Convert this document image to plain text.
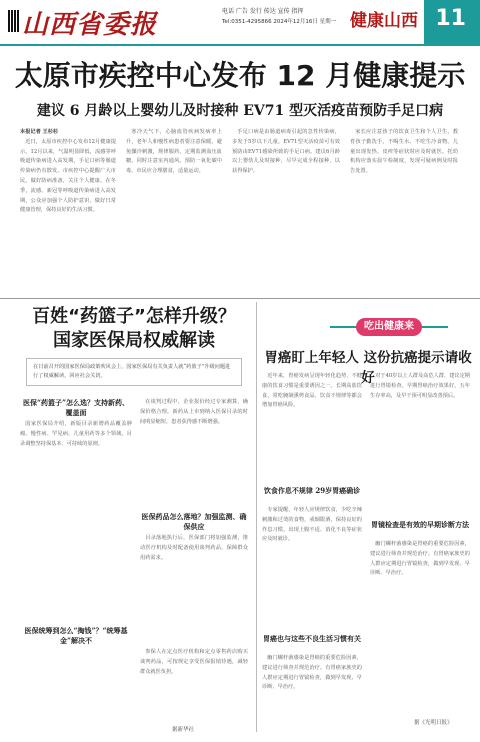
山西省委报	电话 广告 发行 传达 宣传 指挥
Tel:0351-4295866 2024年12月16日 星期一 健康山西 11
太原市疾控中心发布 12 月健康提示
建议 6 月龄以上婴幼儿及时接种 EV71 型灭活疫苗预防手足口病

本报记者 王杉杉

近日，太原市疾控中心发布12月健康提示。12月以来，气温明显降低，流感等呼吸道传染病进入高发期，手足口病等肠道传染病仍有散发。市疾控中心提醒广大市民，做好防病准备，关注个人健康。在冬季，流感、新冠等呼吸道传染病进入高发期，公众应加强个人防护意识，做好日常健康管理，保持良好的生活习惯。

寒冷天气下，心脑血管疾病发病率上升，老年人和慢性病患者要注意保暖，避免骤冷刺激，规律服药，定期监测血压血糖。同时注意室内通风，预防一氧化碳中毒。市民应合理膳食，适量运动。

手足口病是由肠道病毒引起的急性传染病，多发于5岁以下儿童。EV71型灭活疫苗可有效预防由EV71感染所致的手足口病。建议6月龄以上婴幼儿及时接种，尽早完成全程接种，以获得保护。

家长应注意孩子的饮食卫生和个人卫生，教育孩子勤洗手，不喝生水、不吃生冷食物。儿童出现发热、皮疹等症状时应及时就医。托幼机构应落实晨午检制度，发现可疑病例及时报告处置。

百姓“药篮子”怎样升级？
国家医保局权威解读
在日前召开的国家医保局政策吹风会上，国家医保局有关负责人就“药篮子”升级问题进行了权威解读，回应社会关切。
医保“药篮子”怎么选？支持新药、覆盖面

国家医保局介绍，新版目录新增药品覆盖肿瘤、慢性病、罕见病、儿童用药等多个领域，目录调整坚持保基本、可持续的原则。

在谈判过程中，企业报价经过专家测算，确保价格合理。新药从上市到纳入医保目录的时间明显缩短，患者获得感不断增强。

医保药品怎么落地？加强监测、确保供应

目录落地执行后，医保部门将加强监测，推动医疗机构及时配备使用谈判药品，保障群众用药需求。

医保统筹到怎么“掏钱”？“统筹基金”解决不

参保人在定点医疗机构和定点零售药店购买谈判药品，可按规定享受医保报销待遇，减轻群众就医负担。

据新华社
吃出健康来
胃癌盯上年轻人 这份抗癌提示请收好

近年来，胃癌发病呈现年轻化趋势，不健康的饮食习惯是重要诱因之一。长期高盐饮食、常吃腌制熏烤食品、饮食不规律等都会增加胃癌风险。

饮食作息不规律 29岁胃癌确诊

专家提醒，年轻人应规律饮食，少吃辛辣刺激和过烫的食物，戒烟限酒，保持良好的作息习惯。出现上腹不适、消化不良等症状应及时就诊。

胃癌也与这些不良生活习惯有关

幽门螺杆菌感染是胃癌的重要危险因素，建议进行筛查并规范治疗。有胃癌家族史的人群应定期进行胃镜检查，做到早发现、早诊断、早治疗。

胃镜检查是有效的早期诊断方法

对于40岁以上人群及高危人群，建议定期进行胃镜检查。早期胃癌治疗效果好，五年生存率高，及早干预可明显改善预后。

幽门螺杆菌感染是胃癌的重要危险因素，建议进行筛查并规范治疗。有胃癌家族史的人群应定期进行胃镜检查，做到早发现、早诊断、早治疗。

据《光明日报》
